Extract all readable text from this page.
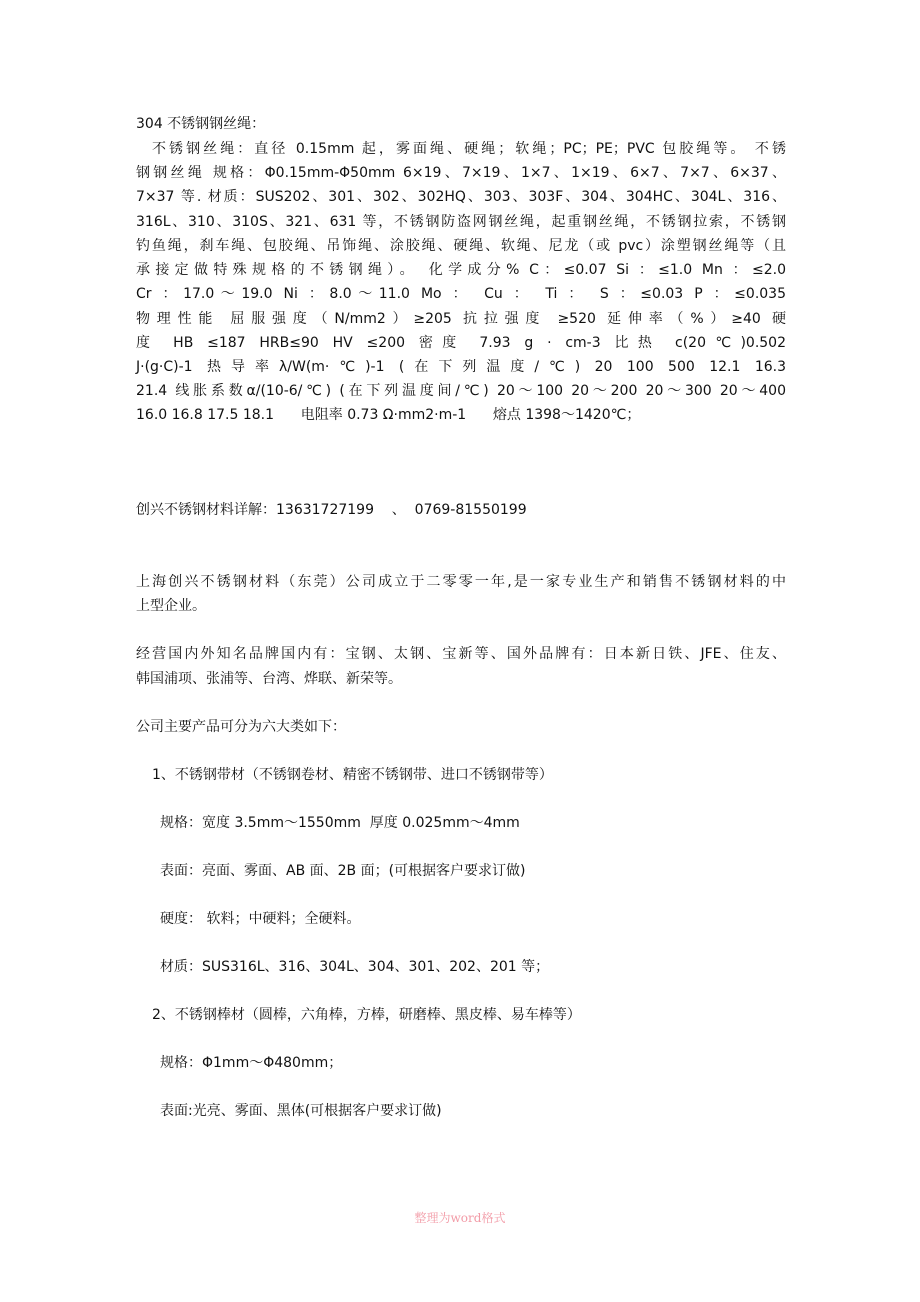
304 不锈钢钢丝绳：
不锈钢丝绳：直径 0.15mm 起，雾面绳、硬绳；软绳；PC；PE；PVC 包胶绳等。 不锈
钢钢丝绳 规格：Φ0.15mm-Φ50mm 6×19、7×19、1×7、1×19、6×7、7×7、6×37、
7×37 等. 材质：SUS202、301、302、302HQ、303、303F、304、304HC、304L、316、
316L、310、310S、321、631 等，不锈钢防盗网钢丝绳，起重钢丝绳，不锈钢拉索，不锈钢
钓鱼绳，刹车绳、包胶绳、吊饰绳、涂胶绳、硬绳、软绳、尼龙（或 pvc）涂塑钢丝绳等（且
承接定做特殊规格的不锈钢绳）。 化学成分% C：≤0.07 Si ：≤1.0 Mn ：≤2.0
Cr ：17.0～19.0 Ni ：8.0～11.0 Mo ： Cu ： Ti ： S ：≤0.03 P ：≤0.035
物理性能 屈服强度（N/mm2）≥205 抗拉强度 ≥520 延伸率（%）≥40 硬
度 HB ≤187 HRB≤90 HV ≤200 密度 7.93 g · cm-3 比热 c(20℃)0.502
J·(g·C)-1 热导率λ/W(m·℃)-1 (在下列温度/℃) 20 100 500 12.1 16.3
21.4 线胀系数α/(10-6/℃) (在下列温度间/℃) 20～100 20～200 20～300 20～400
16.0 16.8 17.5 18.1      电阻率 0.73 Ω·mm2·m-1      熔点 1398～1420℃；
创兴不锈钢材料详解：13631727199    、  0769-81550199
上海创兴不锈钢材料（东莞）公司成立于二零零一年,是一家专业生产和销售不锈钢材料的中
上型企业。
经营国内外知名品牌国内有：宝钢、太钢、宝新等、国外品牌有：日本新日铁、JFE、住友、
韩国浦项、张浦等、台湾、烨联、新荣等。
公司主要产品可分为六大类如下：
1、不锈钢带材（不锈钢卷材、精密不锈钢带、进口不锈钢带等）
规格：宽度 3.5mm～1550mm  厚度 0.025mm～4mm
表面：亮面、雾面、AB 面、2B 面；(可根据客户要求订做)
硬度： 软料；中硬料；全硬料。
材质：SUS316L、316、304L、304、301、202、201 等；
2、不锈钢棒材（圆棒，六角棒，方棒，研磨棒、黑皮棒、易车棒等）
规格：Φ1mm～Φ480mm；
表面:光亮、雾面、黑体(可根据客户要求订做)
整理为word格式
